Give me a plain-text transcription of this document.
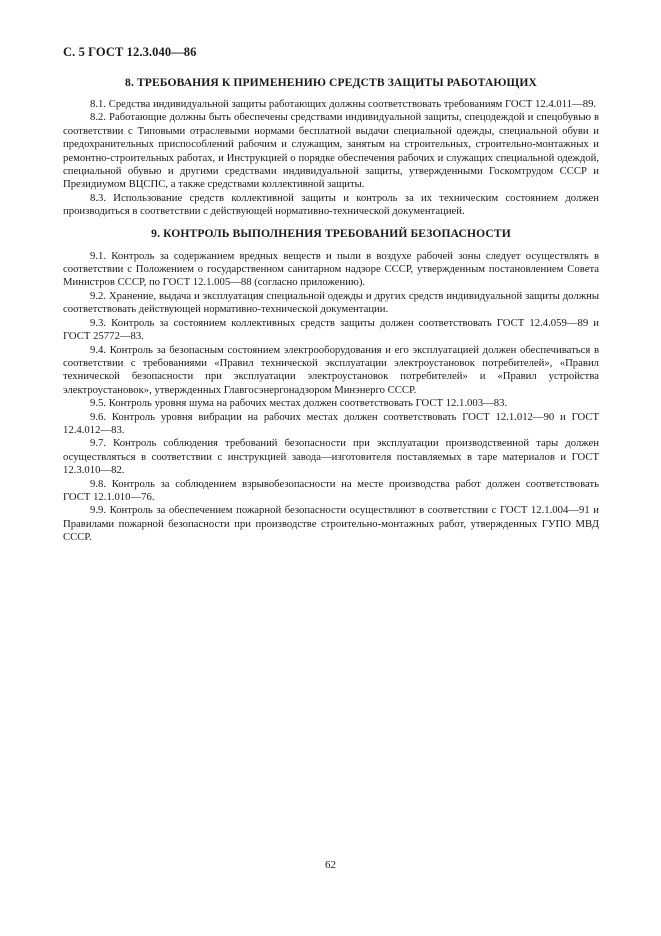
С. 5 ГОСТ 12.3.040—86
8. ТРЕБОВАНИЯ К ПРИМЕНЕНИЮ СРЕДСТВ ЗАЩИТЫ РАБОТАЮЩИХ

8.1. Средства индивидуальной защиты работающих должны соответствовать требованиям ГОСТ 12.4.011—89.

8.2. Работающие должны быть обеспечены средствами индивидуальной защиты, спецодеждой и спецобувью в соответствии с Типовыми отраслевыми нормами бесплатной выдачи специальной одежды, специальной обуви и предохранительных приспособлений рабочим и служащим, занятым на строительных, строительно-монтажных и ремонтно-строительных работах, и Инструкцией о порядке обеспечения рабочих и служащих специальной одеждой, специальной обувью и другими средствами индивидуальной защиты, утвержденными Госкомтрудом СССР и Президиумом ВЦСПС, а также средствами коллективной защиты.

8.3. Использование средств коллективной защиты и контроль за их техническим состоянием должен производиться в соответствии с действующей нормативно-технической документацией.

9. КОНТРОЛЬ ВЫПОЛНЕНИЯ ТРЕБОВАНИЙ БЕЗОПАСНОСТИ

9.1. Контроль за содержанием вредных веществ и пыли в воздухе рабочей зоны следует осуществлять в соответствии с Положением о государственном санитарном надзоре СССР, утвержденным постановлением Совета Министров СССР, по ГОСТ 12.1.005—88 (согласно приложению).

9.2. Хранение, выдача и эксплуатация специальной одежды и других средств индивидуальной защиты должны соответствовать действующей нормативно-технической документации.

9.3. Контроль за состоянием коллективных средств защиты должен соответствовать ГОСТ 12.4.059—89 и ГОСТ 25772—83.

9.4. Контроль за безопасным состоянием электрооборудования и его эксплуатацией должен обеспечиваться в соответствии с требованиями «Правил технической эксплуатации электроустановок потребителей», «Правил технической безопасности при эксплуатации электроустановок потребителей» и «Правил устройства электроустановок», утвержденных Главгосэнергонадзором Минэнерго СССР.

9.5. Контроль уровня шума на рабочих местах должен соответствовать ГОСТ 12.1.003—83.

9.6. Контроль уровня вибрации на рабочих местах должен соответствовать ГОСТ 12.1.012—90 и ГОСТ 12.4.012—83.

9.7. Контроль соблюдения требований безопасности при эксплуатации производственной тары должен осуществляться в соответствии с инструкцией завода—изготовителя поставляемых в таре материалов и ГОСТ 12.3.010—82.

9.8. Контроль за соблюдением взрывобезопасности на месте производства работ должен соответствовать ГОСТ 12.1.010—76.

9.9. Контроль за обеспечением пожарной безопасности осуществляют в соответствии с ГОСТ 12.1.004—91 и Правилами пожарной безопасности при производстве строительно-монтажных работ, утвержденных ГУПО МВД СССР.

62
